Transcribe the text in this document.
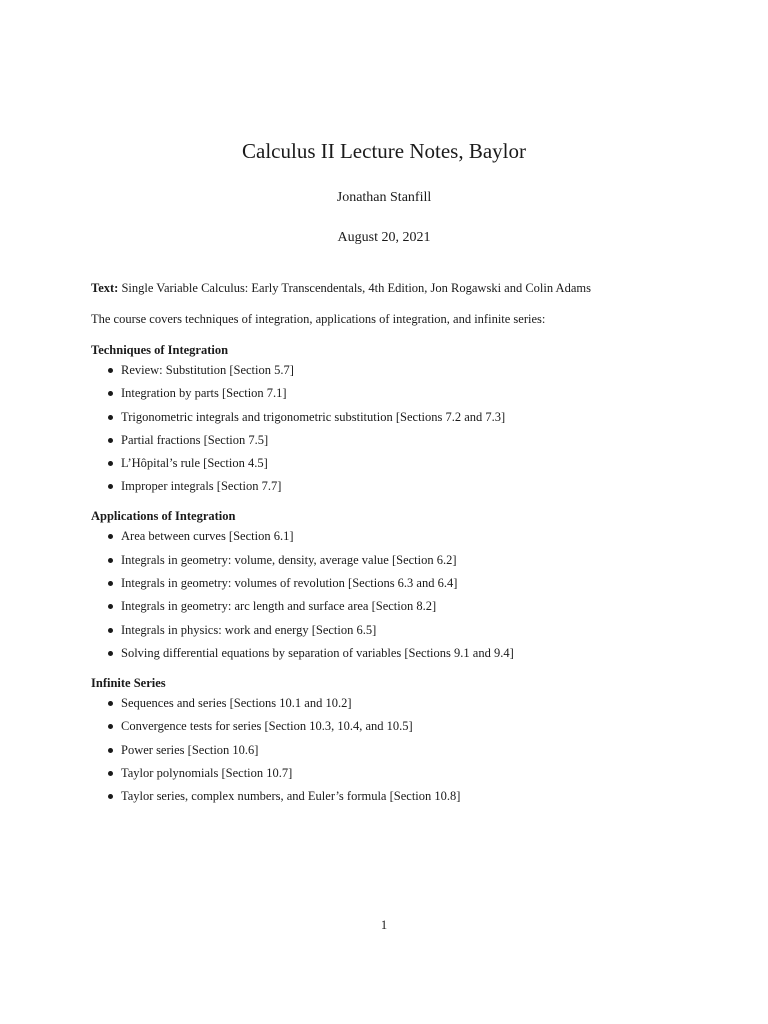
Calculus II Lecture Notes, Baylor
Jonathan Stanfill
August 20, 2021

Text: Single Variable Calculus: Early Transcendentals, 4th Edition, Jon Rogawski and Colin Adams

The course covers techniques of integration, applications of integration, and infinite series:

Techniques of Integration
Review: Substitution [Section 5.7]
Integration by parts [Section 7.1]
Trigonometric integrals and trigonometric substitution [Sections 7.2 and 7.3]
Partial fractions [Section 7.5]
L’Hôpital’s rule [Section 4.5]
Improper integrals [Section 7.7]
Applications of Integration
Area between curves [Section 6.1]
Integrals in geometry: volume, density, average value [Section 6.2]
Integrals in geometry: volumes of revolution [Sections 6.3 and 6.4]
Integrals in geometry: arc length and surface area [Section 8.2]
Integrals in physics: work and energy [Section 6.5]
Solving differential equations by separation of variables [Sections 9.1 and 9.4]
Infinite Series
Sequences and series [Sections 10.1 and 10.2]
Convergence tests for series [Section 10.3, 10.4, and 10.5]
Power series [Section 10.6]
Taylor polynomials [Section 10.7]
Taylor series, complex numbers, and Euler’s formula [Section 10.8]
1
